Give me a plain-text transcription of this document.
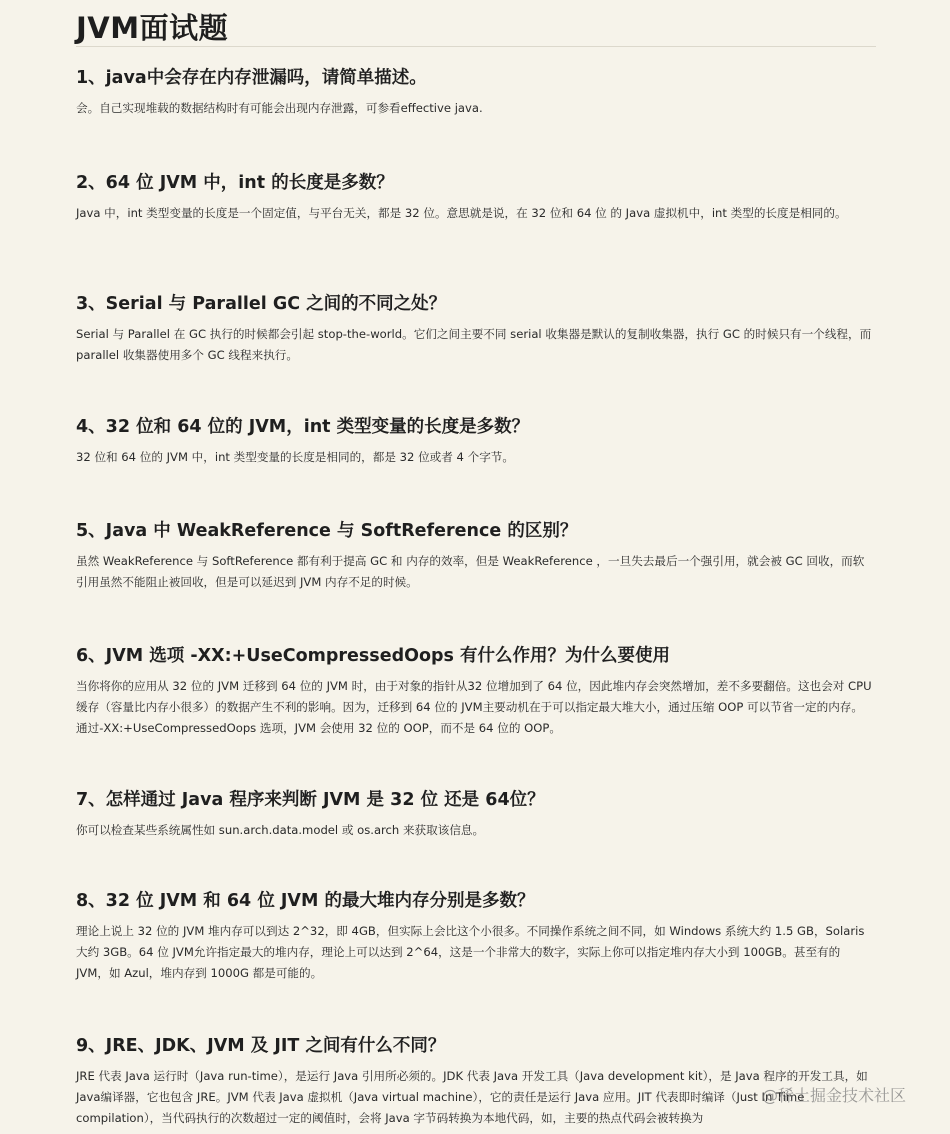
JVM面试题

1、java中会存在内存泄漏吗，请简单描述。

会。自己实现堆载的数据结构时有可能会出现内存泄露，可参看effective java.

2、64 位 JVM 中，int 的长度是多数？

Java 中，int 类型变量的长度是一个固定值，与平台无关，都是 32 位。意思就是说，在 32 位和 64 位 的 Java 虚拟机中，int 类型的长度是相同的。

3、Serial 与 Parallel GC 之间的不同之处？

Serial 与 Parallel 在 GC 执行的时候都会引起 stop-the-world。它们之间主要不同 serial 收集器是默认的复制收集器，执行 GC 的时候只有一个线程，而parallel 收集器使用多个 GC 线程来执行。

4、32 位和 64 位的 JVM，int 类型变量的长度是多数？

32 位和 64 位的 JVM 中，int 类型变量的长度是相同的，都是 32 位或者 4 个字节。

5、Java 中 WeakReference 与 SoftReference 的区别？

虽然 WeakReference 与 SoftReference 都有利于提高 GC 和 内存的效率，但是 WeakReference ，一旦失去最后一个强引用，就会被 GC 回收，而软引用虽然不能阻止被回收，但是可以延迟到 JVM 内存不足的时候。

6、JVM 选项 -XX:+UseCompressedOops 有什么作用？为什么要使用

当你将你的应用从 32 位的 JVM 迁移到 64 位的 JVM 时，由于对象的指针从32 位增加到了 64 位，因此堆内存会突然增加，差不多要翻倍。这也会对 CPU缓存（容量比内存小很多）的数据产生不利的影响。因为，迁移到 64 位的 JVM主要动机在于可以指定最大堆大小，通过压缩 OOP 可以节省一定的内存。通过-XX:+UseCompressedOops 选项，JVM 会使用 32 位的 OOP，而不是 64 位的 OOP。

7、怎样通过 Java 程序来判断 JVM 是 32 位 还是 64位？

你可以检查某些系统属性如 sun.arch.data.model 或 os.arch 来获取该信息。

8、32 位 JVM 和 64 位 JVM 的最大堆内存分别是多数？

理论上说上 32 位的 JVM 堆内存可以到达 2^32，即 4GB，但实际上会比这个小很多。不同操作系统之间不同，如 Windows 系统大约 1.5 GB，Solaris 大约 3GB。64 位 JVM允许指定最大的堆内存，理论上可以达到 2^64，这是一个非常大的数字，实际上你可以指定堆内存大小到 100GB。甚至有的 JVM，如 Azul，堆内存到 1000G 都是可能的。

9、JRE、JDK、JVM 及 JIT 之间有什么不同？

JRE 代表 Java 运行时（Java run-time），是运行 Java 引用所必须的。JDK 代表 Java 开发工具（Java development kit），是 Java 程序的开发工具，如 Java编译器，它也包含 JRE。JVM 代表 Java 虚拟机（Java virtual machine），它的责任是运行 Java 应用。JIT 代表即时编译（Just In Time compilation），当代码执行的次数超过一定的阈值时，会将 Java 字节码转换为本地代码，如，主要的热点代码会被转换为

@稀土掘金技术社区
